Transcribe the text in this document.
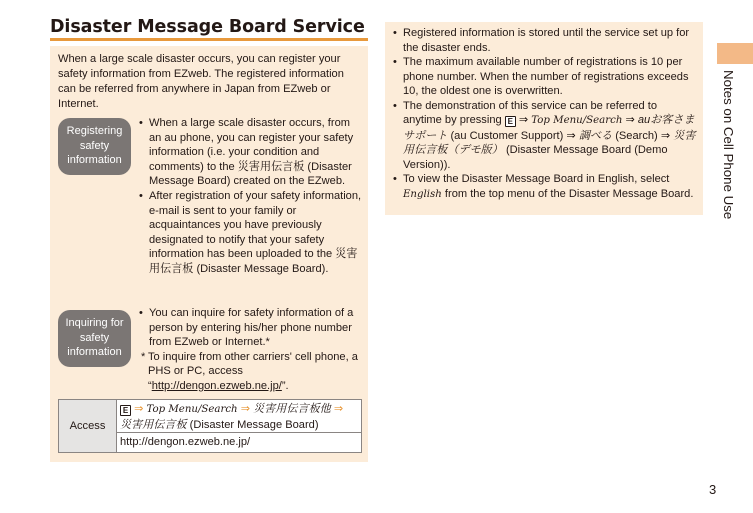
Disaster Message Board Service
When a large scale disaster occurs, you can register your safety information from EZweb. The registered information can be referred from anywhere in Japan from EZweb or Internet.
Registering safety information
• When a large scale disaster occurs, from an au phone, you can register your safety information (i.e. your condition and comments) to the 災害用伝言板 (Disaster Message Board) created on the EZweb.
• After registration of your safety information, e-mail is sent to your family or acquaintances you have previously designated to notify that your safety information has been uploaded to the 災害用伝言板 (Disaster Message Board).
Inquiring for safety information
• You can inquire for safety information of a person by entering his/her phone number from EZweb or Internet.*
* To inquire from other carriers' cell phone, a PHS or PC, access “http://dengon.ezweb.ne.jp/”.
Access
E ⇒ Top Menu/Search ⇒ 災害用伝言板他 ⇒
災害用伝言板 (Disaster Message Board)
http://dengon.ezweb.ne.jp/
• Registered information is stored until the service set up for the disaster ends.
• The maximum available number of registrations is 10 per phone number. When the number of registrations exceeds 10, the oldest one is overwritten.
• The demonstration of this service can be referred to anytime by pressing E ⇒ Top Menu/Search ⇒ auお客さまサポート (au Customer Support) ⇒ 調べる (Search) ⇒ 災害用伝言板（デモ版） (Disaster Message Board (Demo Version)).
• To view the Disaster Message Board in English, select English from the top menu of the Disaster Message Board. Notes on Cell Phone Use
3
